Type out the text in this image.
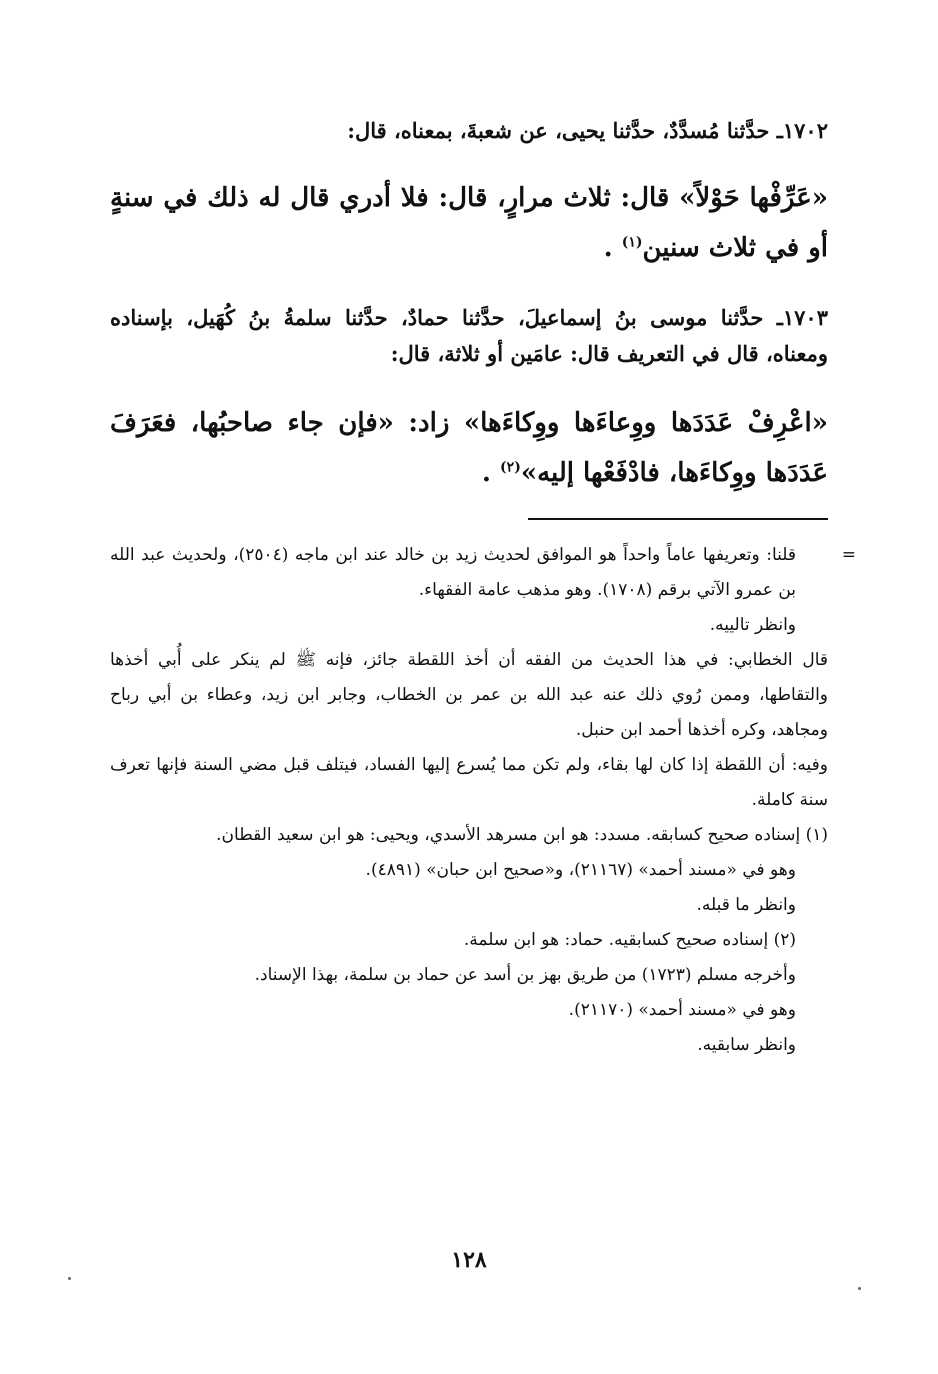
١٧٠٢ـ حدَّثنا مُسدَّدٌ، حدَّثنا يحيى، عن شعبةَ، بمعناه، قال:

«عَرِّفْها حَوْلاً» قال: ثلاث مرارٍ، قال: فلا أدري قال له ذلك في سنةٍ أو في ثلاث سنين$^{(١)}$ .

١٧٠٣ـ حدَّثنا موسى بنُ إسماعيلَ، حدَّثنا حمادٌ، حدَّثنا سلمةُ بنُ كُهَيل، بإسناده ومعناه، قال في التعريف قال: عامَين أو ثلاثة، قال:

«اعْرِفْ عَدَدَها ووِعاءَها ووِكاءَها» زاد: «فإن جاء صاحبُها، فعَرَفَ عَدَدَها ووِكاءَها، فادْفَعْها إليه»$^{(٢)}$ .

=

قلنا: وتعريفها عاماً واحداً هو الموافق لحديث زيد بن خالد عند ابن ماجه (٢٥٠٤)، ولحديث عبد الله بن عمرو الآتي برقم (١٧٠٨). وهو مذهب عامة الفقهاء.

وانظر تالييه.

قال الخطابي: في هذا الحديث من الفقه أن أخذ اللقطة جائز، فإنه ﷺ لم ينكر على أُبي أخذها والتقاطها، وممن رُوي ذلك عنه عبد الله بن عمر بن الخطاب، وجابر ابن زيد، وعطاء بن أبي رباح ومجاهد، وكره أخذها أحمد ابن حنبل.

وفيه: أن اللقطة إذا كان لها بقاء، ولم تكن مما يُسرع إليها الفساد، فيتلف قبل مضي السنة فإنها تعرف سنة كاملة.

(١) إسناده صحيح كسابقه. مسدد: هو ابن مسرهد الأسدي، ويحيى: هو ابن سعيد القطان.

وهو في «مسند أحمد» (٢١١٦٧)، و«صحيح ابن حبان» (٤٨٩١).

وانظر ما قبله.

(٢) إسناده صحيح كسابقيه. حماد: هو ابن سلمة.

وأخرجه مسلم (١٧٢٣) من طريق بهز بن أسد عن حماد بن سلمة، بهذا الإسناد.

وهو في «مسند أحمد» (٢١١٧٠).

وانظر سابقيه.

١٢٨
